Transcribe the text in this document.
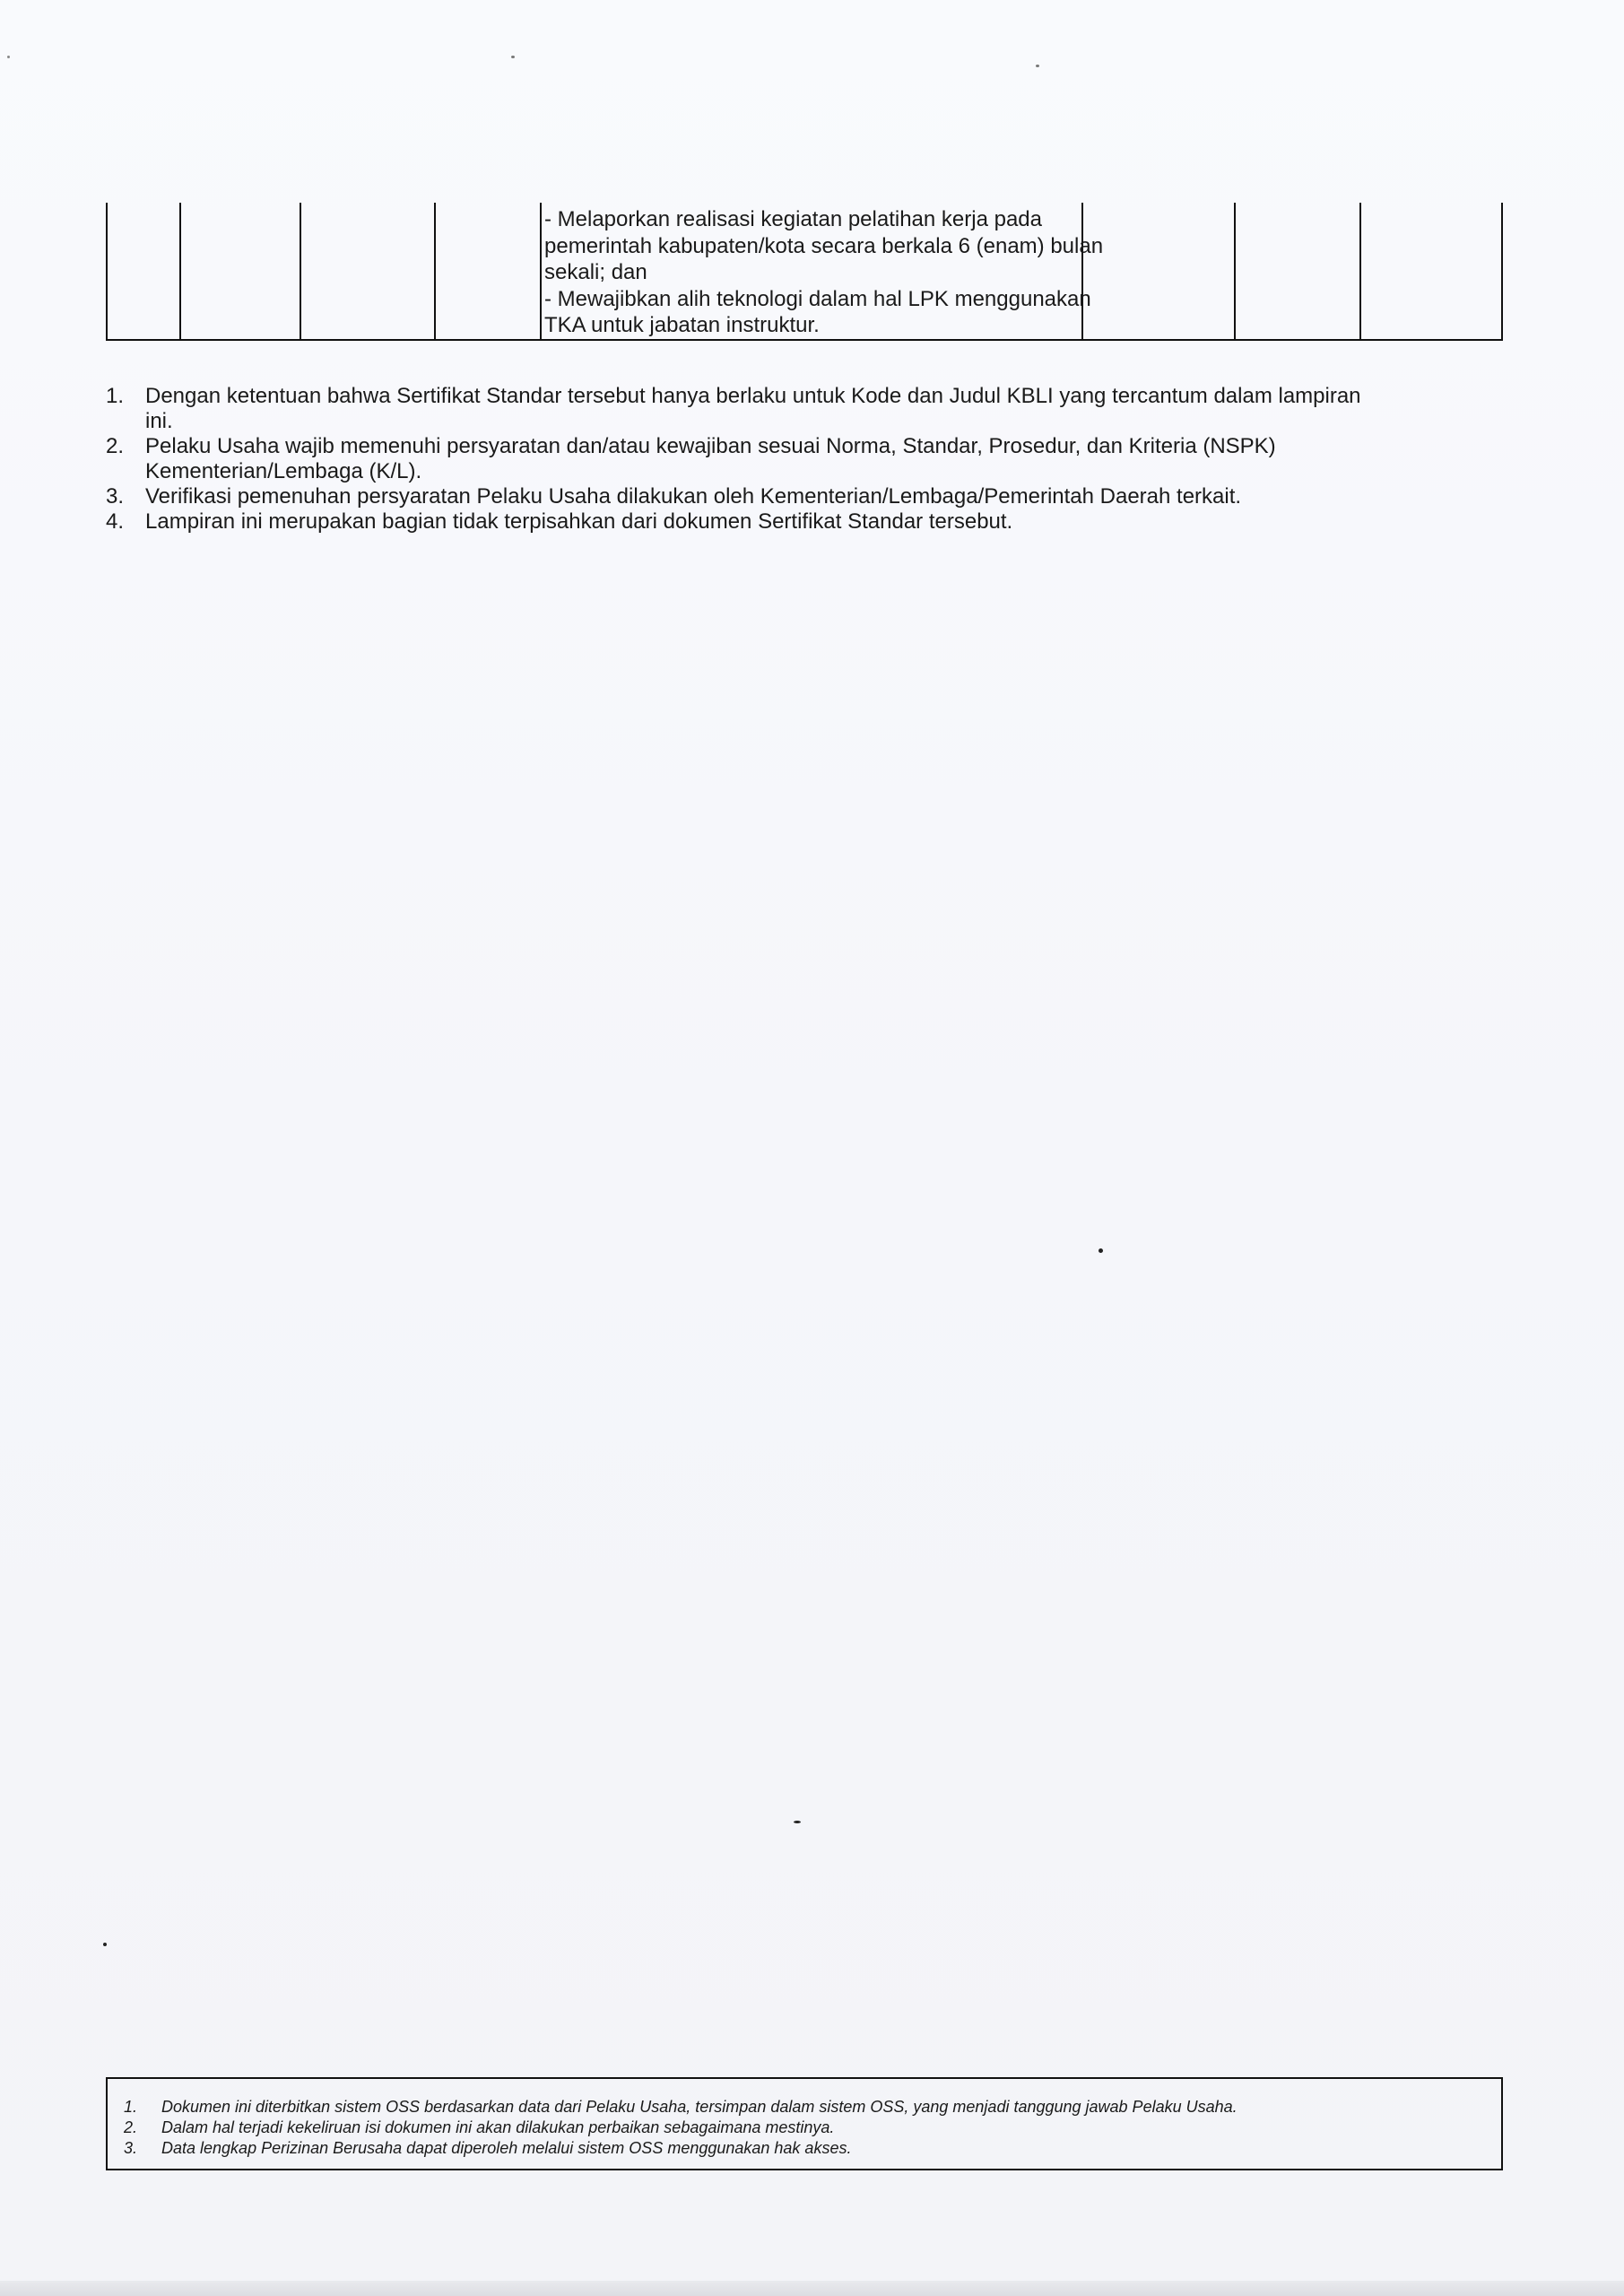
- Melaporkan realisasi kegiatan pelatihan kerja pada
pemerintah kabupaten/kota secara berkala 6 (enam) bulan
sekali; dan
- Mewajibkan alih teknologi dalam hal LPK menggunakan
TKA untuk jabatan instruktur.
1. Dengan ketentuan bahwa Sertifikat Standar tersebut hanya berlaku untuk Kode dan Judul KBLI yang tercantum dalam lampiran
ini.
2. Pelaku Usaha wajib memenuhi persyaratan dan/atau kewajiban sesuai Norma, Standar, Prosedur, dan Kriteria (NSPK)
Kementerian/Lembaga (K/L).
3. Verifikasi pemenuhan persyaratan Pelaku Usaha dilakukan oleh Kementerian/Lembaga/Pemerintah Daerah terkait.
4. Lampiran ini merupakan bagian tidak terpisahkan dari dokumen Sertifikat Standar tersebut.
1. Dokumen ini diterbitkan sistem OSS berdasarkan data dari Pelaku Usaha, tersimpan dalam sistem OSS, yang menjadi tanggung jawab Pelaku Usaha.
2. Dalam hal terjadi kekeliruan isi dokumen ini akan dilakukan perbaikan sebagaimana mestinya.
3. Data lengkap Perizinan Berusaha dapat diperoleh melalui sistem OSS menggunakan hak akses.
